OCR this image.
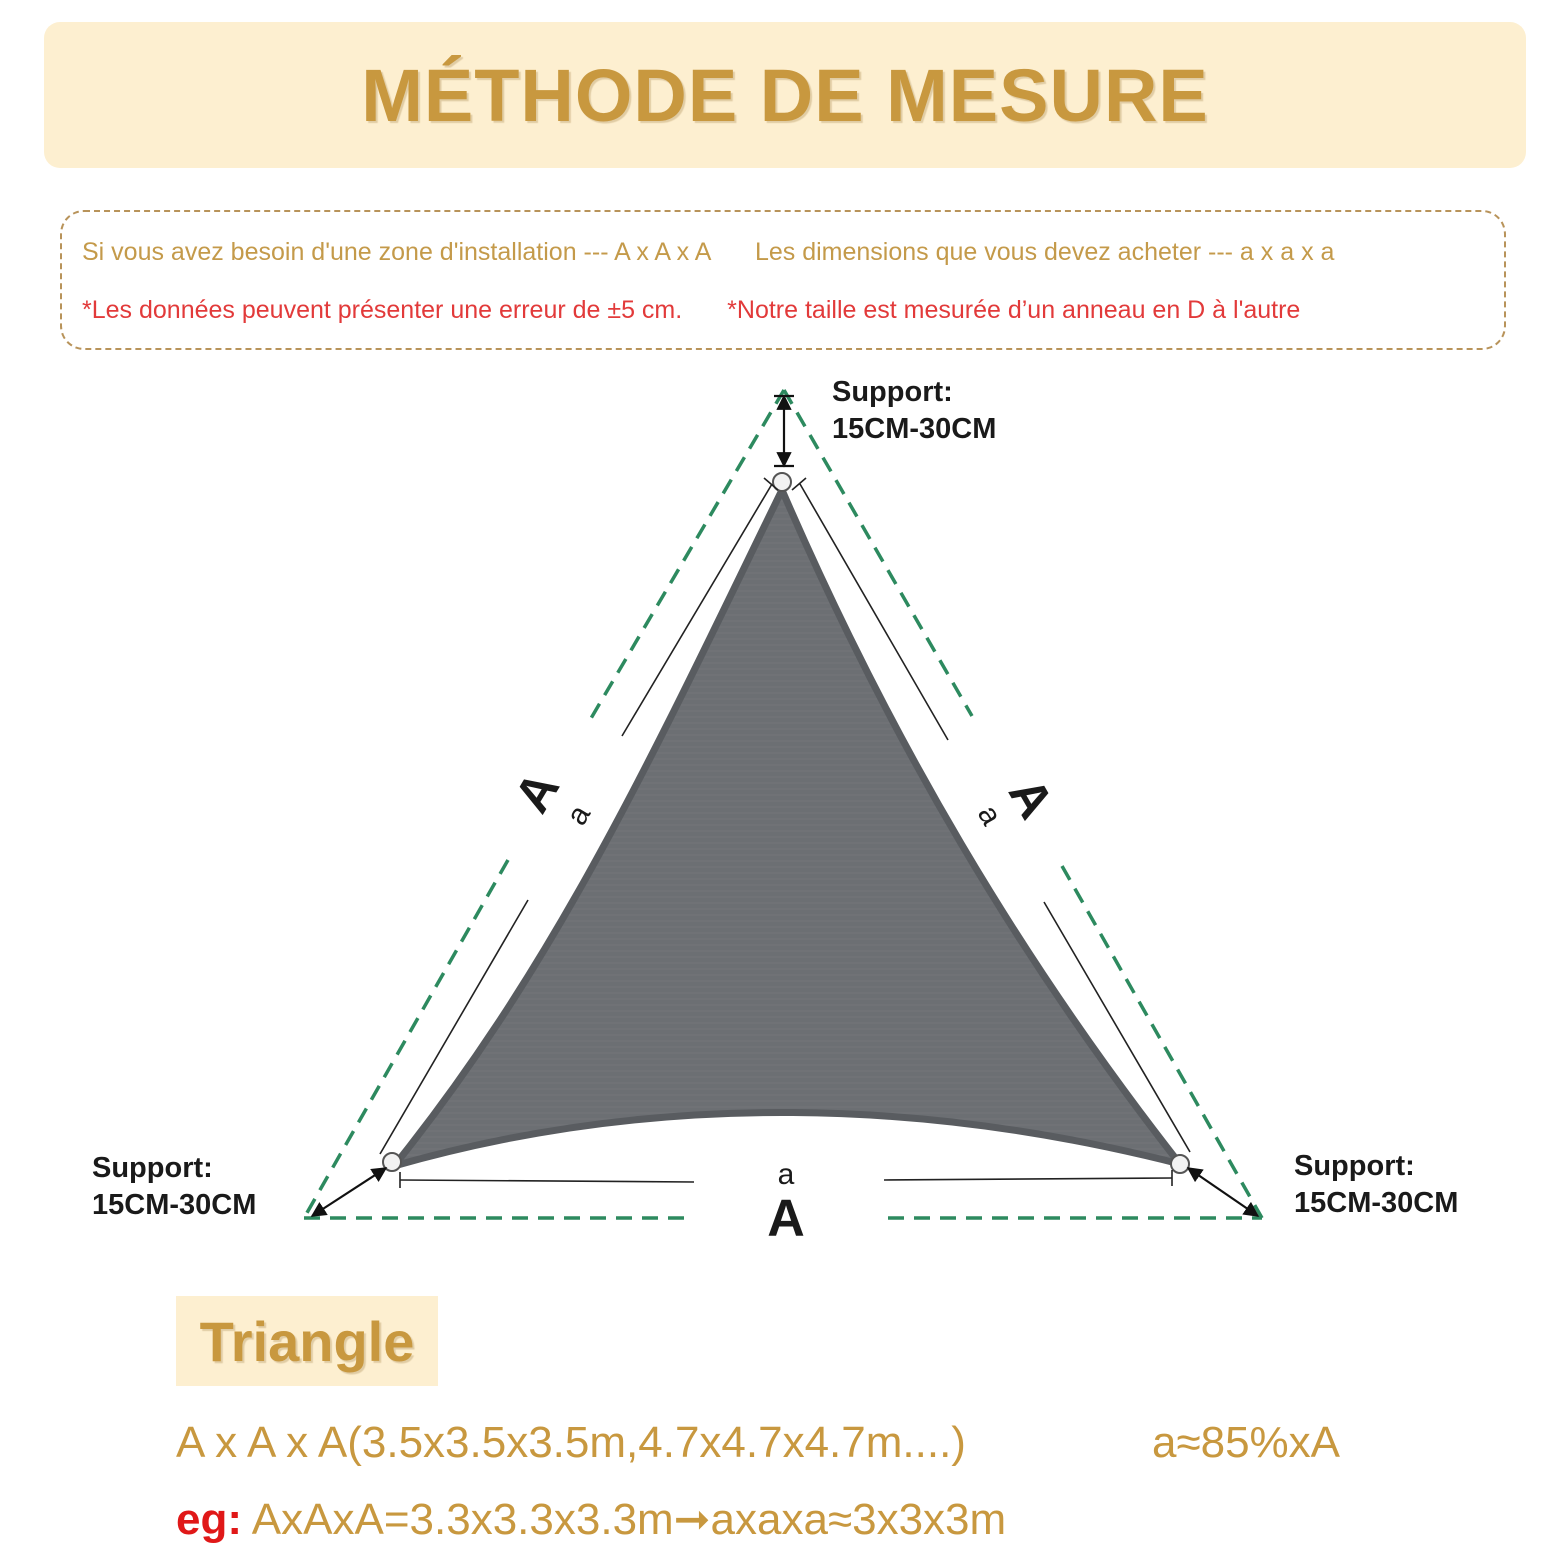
MÉTHODE DE MESURE
Si vous avez besoin d'une zone d'installation --- A x A x A Les dimensions que vous devez acheter --- a x a x a
*Les données peuvent présenter une erreur de ±5 cm. *Notre taille est mesurée d’un anneau en D à l'autre
A
a	A
a
a
A
Support:
15CM-30CM
Support:
15CM-30CM
Support:
15CM-30CM
Triangle
A x A x A(3.5x3.5x3.5m,4.7x4.7x4.7m....)	a≈85%xA
eg: AxAxA=3.3x3.3x3.3m➞axaxa≈3x3x3m
